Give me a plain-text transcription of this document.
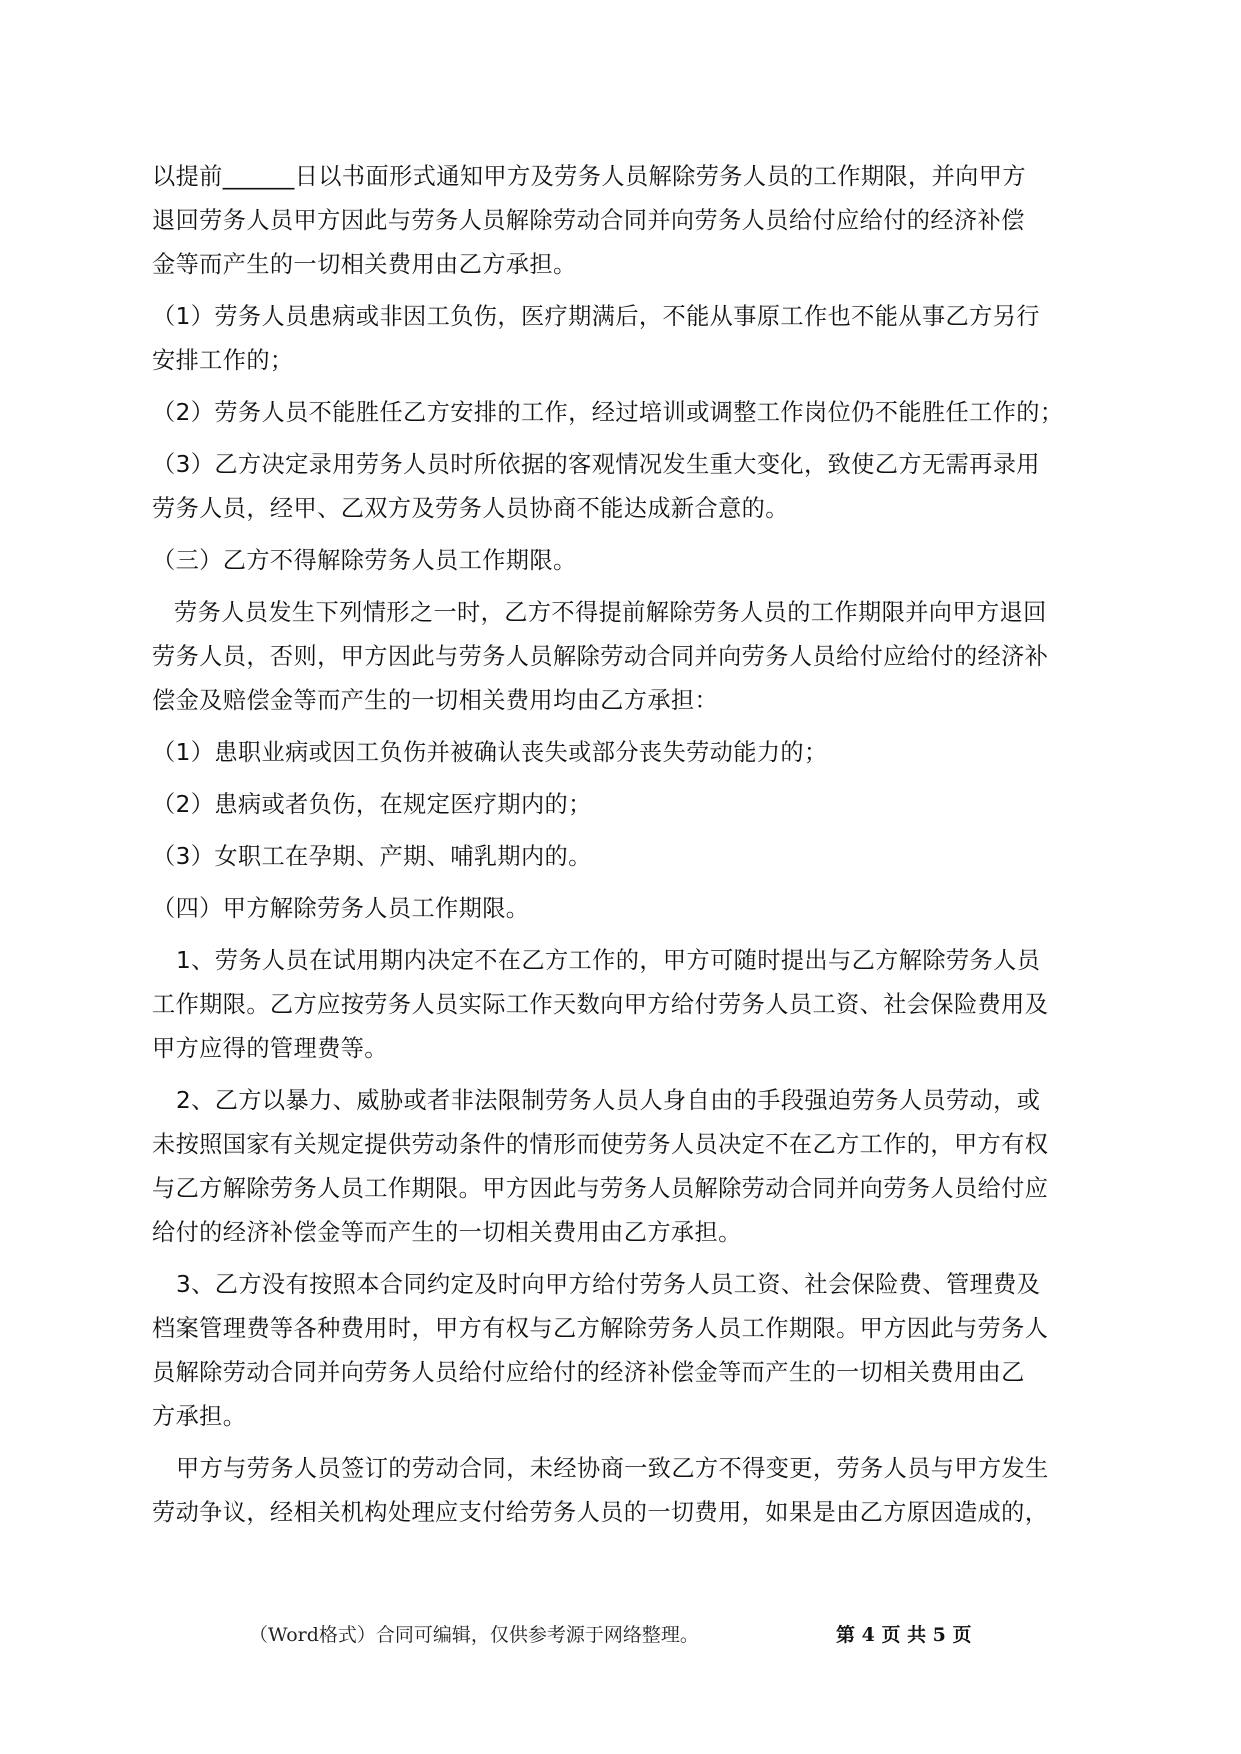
以提前______日以书面形式通知甲方及劳务人员解除劳务人员的工作期限，并向甲方
退回劳务人员甲方因此与劳务人员解除劳动合同并向劳务人员给付应给付的经济补偿
金等而产生的一切相关费用由乙方承担。
（1）劳务人员患病或非因工负伤，医疗期满后，不能从事原工作也不能从事乙方另行
安排工作的；
（2）劳务人员不能胜任乙方安排的工作，经过培训或调整工作岗位仍不能胜任工作的；
（3）乙方决定录用劳务人员时所依据的客观情况发生重大变化，致使乙方无需再录用
劳务人员，经甲、乙双方及劳务人员协商不能达成新合意的。
（三）乙方不得解除劳务人员工作期限。
劳务人员发生下列情形之一时，乙方不得提前解除劳务人员的工作期限并向甲方退回
劳务人员，否则，甲方因此与劳务人员解除劳动合同并向劳务人员给付应给付的经济补
偿金及赔偿金等而产生的一切相关费用均由乙方承担：
（1）患职业病或因工负伤并被确认丧失或部分丧失劳动能力的；
（2）患病或者负伤，在规定医疗期内的；
（3）女职工在孕期、产期、哺乳期内的。
（四）甲方解除劳务人员工作期限。
1、劳务人员在试用期内决定不在乙方工作的，甲方可随时提出与乙方解除劳务人员
工作期限。乙方应按劳务人员实际工作天数向甲方给付劳务人员工资、社会保险费用及
甲方应得的管理费等。
2、乙方以暴力、威胁或者非法限制劳务人员人身自由的手段强迫劳务人员劳动，或
未按照国家有关规定提供劳动条件的情形而使劳务人员决定不在乙方工作的，甲方有权
与乙方解除劳务人员工作期限。甲方因此与劳务人员解除劳动合同并向劳务人员给付应
给付的经济补偿金等而产生的一切相关费用由乙方承担。
3、乙方没有按照本合同约定及时向甲方给付劳务人员工资、社会保险费、管理费及
档案管理费等各种费用时，甲方有权与乙方解除劳务人员工作期限。甲方因此与劳务人
员解除劳动合同并向劳务人员给付应给付的经济补偿金等而产生的一切相关费用由乙
方承担。
甲方与劳务人员签订的劳动合同，未经协商一致乙方不得变更，劳务人员与甲方发生
劳动争议，经相关机构处理应支付给劳务人员的一切费用，如果是由乙方原因造成的，
（Word格式）合同可编辑，仅供参考源于网络整理。	第 4 页 共 5 页
